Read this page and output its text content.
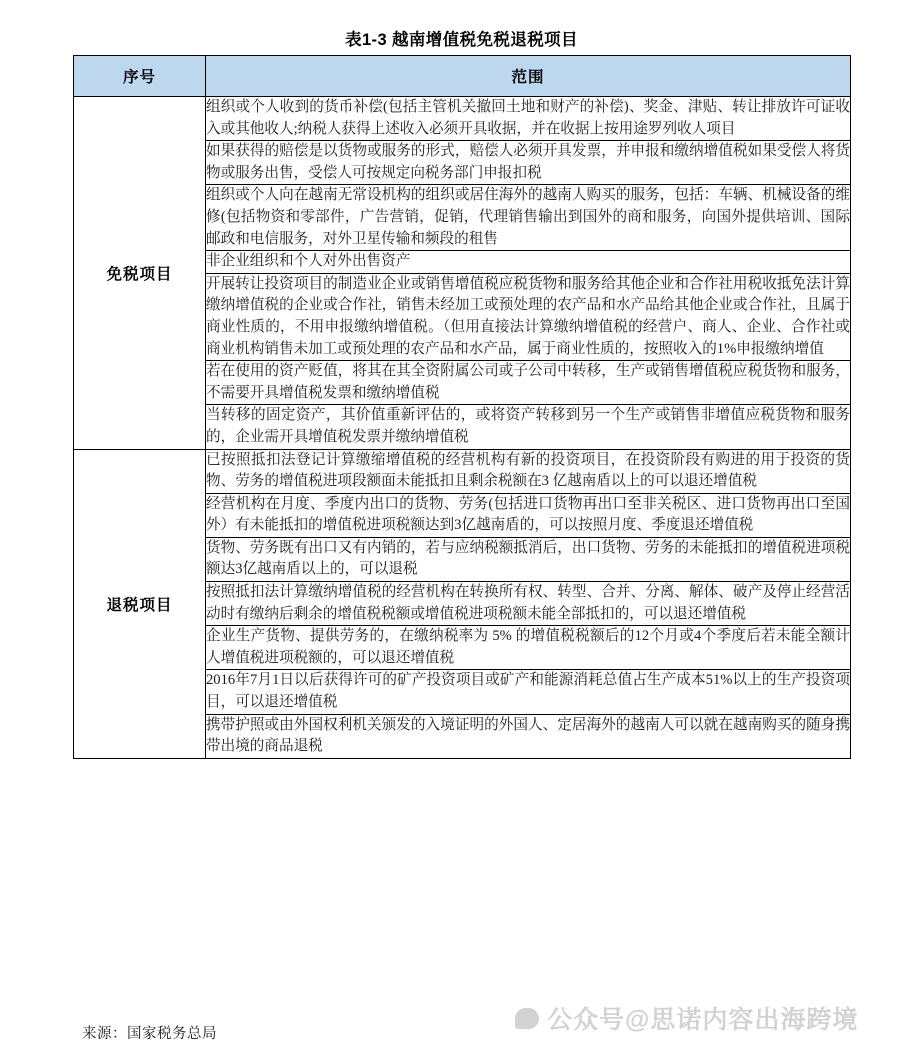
表1-3 越南增值税免税退税项目
序号	范围
免税项目	组织或个人收到的货币补偿(包括主管机关撤回土地和财产的补偿)、奖金、津贴、转让排放许可证收入或其他收人;纳税人获得上述收入必须开具收据，并在收据上按用途罗列收人项目
	如果获得的赔偿是以货物或服务的形式，赔偿人必须开具发票，并申报和缴纳增值税如果受偿人将货物或服务出售，受偿人可按规定向税务部门申报扣税
	组织或个人向在越南无常设机构的组织或居住海外的越南人购买的服务，包括：车辆、机械设备的维修(包括物资和零部件，广告营销，促销，代理销售输出到国外的商和服务，向国外提供培训、国际邮政和电信服务，对外卫星传输和频段的租售
	非企业组织和个人对外出售资产
	开展转让投资项目的制造业企业或销售增值税应税货物和服务给其他企业和合作社用税收抵免法计算缴纳增值税的企业或合作社，销售未经加工或预处理的农产品和水产品给其他企业或合作社，且属于商业性质的，不用申报缴纳增值税。（但用直接法计算缴纳增值税的经营户、商人、企业、合作社或商业机构销售未加工或预处理的农产品和水产品，属于商业性质的，按照收入的1%申报缴纳增值
	若在使用的资产贬值，将其在其全资附属公司或子公司中转移，生产或销售增值税应税货物和服务，不需要开具增值税发票和缴纳增值税
	当转移的固定资产，其价值重新评估的，或将资产转移到另一个生产或销售非增值应税货物和服务的，企业需开具增值税发票并缴纳增值税
退税项目	已按照抵扣法登记计算缴缩增值税的经营机构有新的投资项目，在投资阶段有购进的用于投资的货物、劳务的增值税进项段额面未能抵扣且剩余税额在3 亿越南盾以上的可以退还增值税
	经营机构在月度、季度内出口的货物、劳务(包括进口货物再出口至非关税区、进口货物再出口至国外）有未能抵扣的增值税进项税额达到3亿越南盾的，可以按照月度、季度退还增值税
	货物、劳务既有出口又有内销的，若与应纳税额抵消后，出口货物、劳务的未能抵扣的增值税进项税额达3亿越南盾以上的，可以退税
	按照抵扣法计算缴纳增值税的经营机构在转换所有权、转型、合并、分离、解体、破产及停止经营活动时有缴纳后剩余的增值税税额或增值税进项税额未能全部抵扣的，可以退还增值税
	企业生产货物、提供劳务的，在缴纳税率为 5% 的增值税税额后的12个月或4个季度后若未能全额计人增值税进项税额的，可以退还增值税
	2016年7月1日以后获得许可的矿产投资项目或矿产和能源消耗总值占生产成本51%以上的生产投资项目，可以退还增值税
	携带护照或由外国权利机关颁发的入境证明的外国人、定居海外的越南人可以就在越南购买的随身携带出境的商品退税
来源：国家税务总局	公众号@思诺内容出海跨境
